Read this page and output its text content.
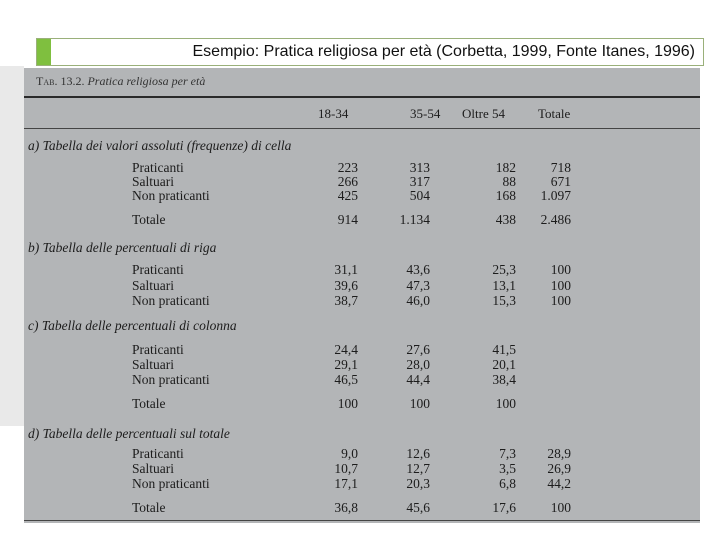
Esempio: Pratica religiosa per età (Corbetta, 1999, Fonte Itanes, 1996)
Tab. 13.2. Pratica religiosa per età
18-34	35-54 Oltre 54	Totale
a) Tabella dei valori assoluti (frequenze) di cella
Praticanti	223	313	182	718
Saltuari	266	317	88	671
Non praticanti	425	504	168 1.097
Totale	914	1.134	438 2.486
b) Tabella delle percentuali di riga
Praticanti	31,1	43,6	25,3	100
Saltuari	39,6	47,3	13,1	100
Non praticanti	38,7	46,0	15,3	100
c) Tabella delle percentuali di colonna
Praticanti	24,4	27,6	41,5
Saltuari	29,1	28,0	20,1
Non praticanti	46,5	44,4	38,4
Totale	100	100	100
d) Tabella delle percentuali sul totale
Praticanti	9,0	12,6	7,3 28,9
Saltuari	10,7	12,7	3,5 26,9
Non praticanti	17,1	20,3	6,8 44,2
Totale	36,8	45,6	17,6	100
